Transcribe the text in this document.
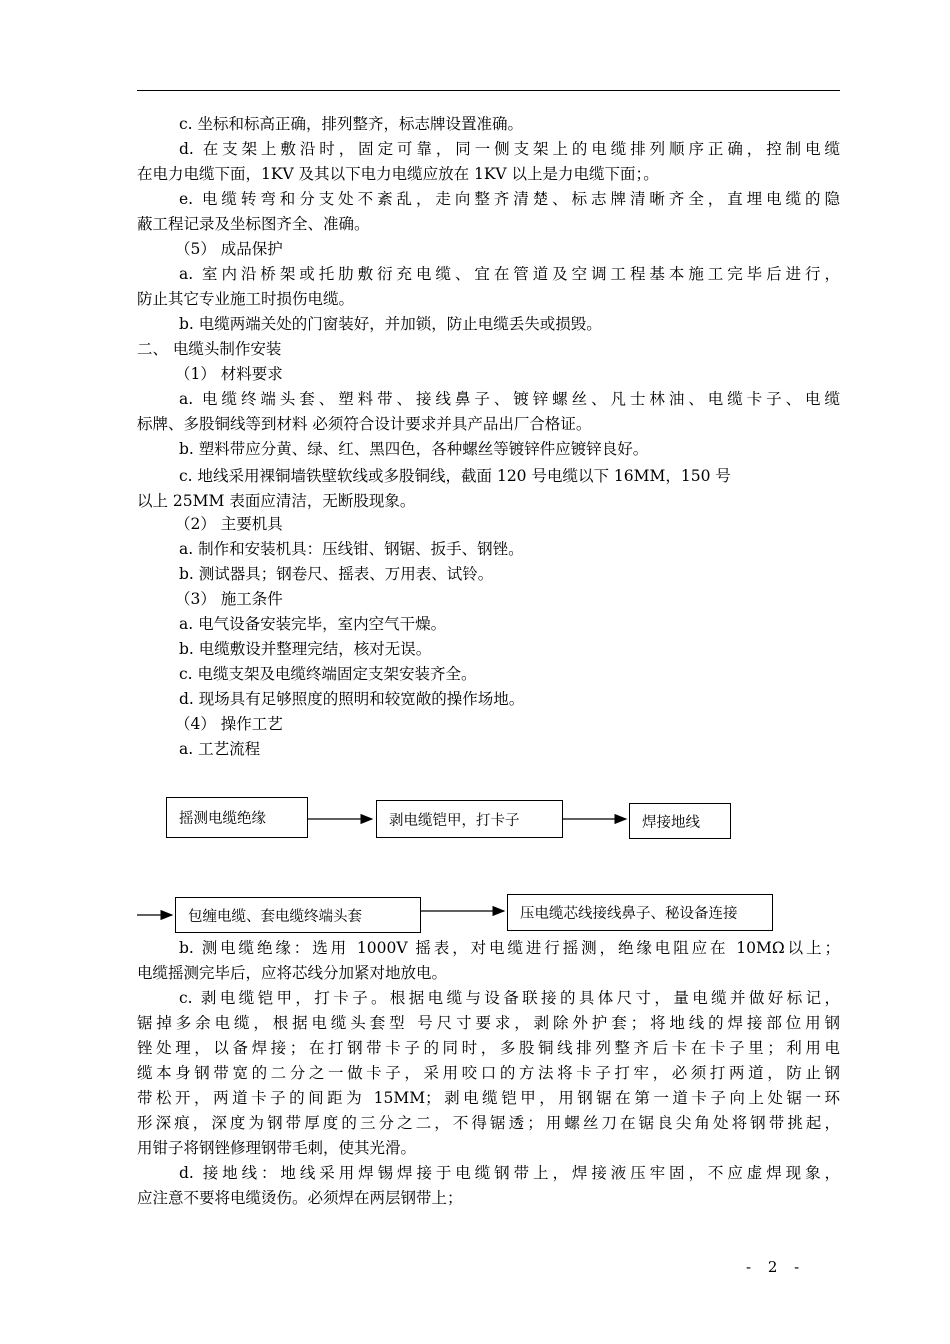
c. 坐标和标高正确，排列整齐，标志牌设置准确。
d. 在支架上敷沿时，固定可靠，同一侧支架上的电缆排列顺序正确，控制电缆
在电力电缆下面，1KV 及其以下电力电缆应放在 1KV 以上是力电缆下面；。
e. 电缆转弯和分支处不紊乱，走向整齐清楚、标志牌清晰齐全，直埋电缆的隐
蔽工程记录及坐标图齐全、准确。
（5） 成品保护
a. 室内沿桥架或托肋敷衍充电缆、宜在管道及空调工程基本施工完毕后进行，
防止其它专业施工时损伤电缆。
b. 电缆两端关处的门窗装好，并加锁，防止电缆丢失或损毁。
二、 电缆头制作安装
（1） 材料要求
a. 电缆终端头套、塑料带、接线鼻子、镀锌螺丝、凡士林油、电缆卡子、电缆
标牌、多股铜线等到材料 必须符合设计要求并具产品出厂合格证。
b. 塑料带应分黄、绿、红、黑四色，各种螺丝等镀锌件应镀锌良好。
c. 地线采用裸铜墙铁壁软线或多股铜线，截面 120 号电缆以下 16MM，150 号
以上 25MM 表面应清洁，无断股现象。
（2） 主要机具
a. 制作和安装机具：压线钳、钢锯、扳手、钢锉。
b. 测试器具；钢卷尺、摇表、万用表、试铃。
（3） 施工条件
a. 电气设备安装完毕，室内空气干燥。
b. 电缆敷设并整理完结，核对无误。
c. 电缆支架及电缆终端固定支架安装齐全。
d. 现场具有足够照度的照明和较宽敞的操作场地。
（4） 操作工艺
a. 工艺流程
摇测电缆绝缘	剥电缆铠甲，打卡子	焊接地线
包缠电缆、套电缆终端头套	压电缆芯线接线鼻子、秘设备连接
b. 测电缆绝缘：选用 1000V 摇表，对电缆进行摇测，绝缘电阻应在 10MΩ以上；
电缆摇测完毕后，应将芯线分加紧对地放电。
c. 剥电缆铠甲，打卡子。根据电缆与设备联接的具体尺寸，量电缆并做好标记，
锯掉多余电缆，根据电缆头套型 号尺寸要求，剥除外护套；将地线的焊接部位用钢
锉处理，以备焊接；在打钢带卡子的同时，多股铜线排列整齐后卡在卡子里；利用电
缆本身钢带宽的二分之一做卡子，采用咬口的方法将卡子打牢，必须打两道，防止钢
带松开，两道卡子的间距为 15MM；剥电缆铠甲，用钢锯在第一道卡子向上处锯一环
形深痕，深度为钢带厚度的三分之二，不得锯透；用螺丝刀在锯良尖角处将钢带挑起，
用钳子将钢锉修理钢带毛刺，使其光滑。
d. 接地线：地线采用焊锡焊接于电缆钢带上，焊接液压牢固，不应虚焊现象，
应注意不要将电缆烫伤。必须焊在两层钢带上；
- 2 -
